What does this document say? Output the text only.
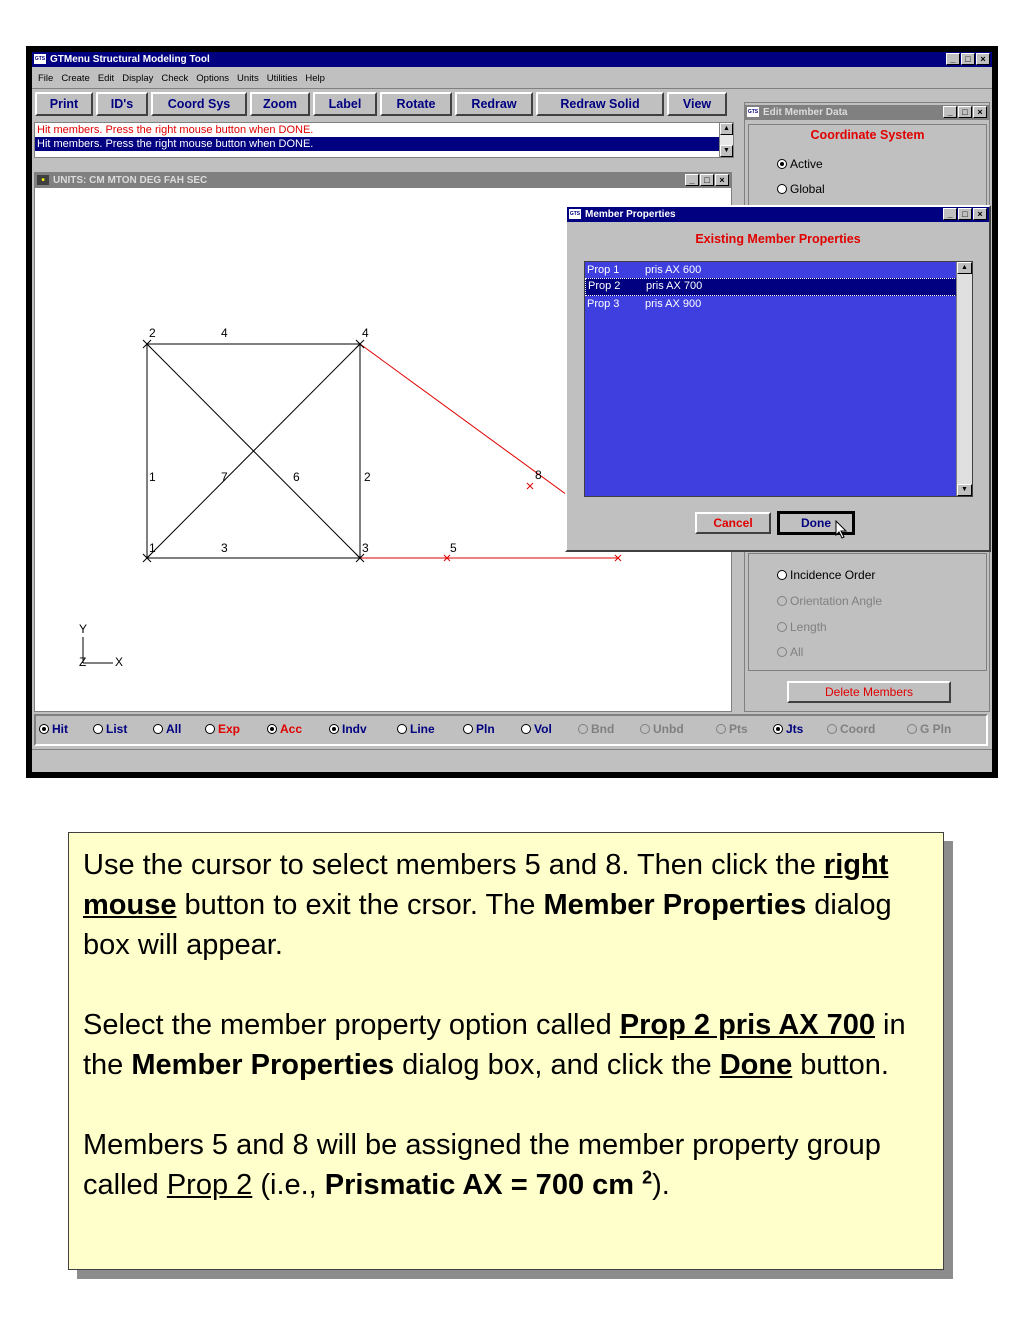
GTS GTMenu Structural Modeling Tool	_	□	×
File Create Edit Display Check Options Units Utilities Help
Print	ID's	Coord Sys	Zoom	Label	Rotate	Redraw	Redraw Solid	View
Hit members. Press the right mouse button when DONE.
Hit members. Press the right mouse button when DONE.
▲
▼
■ UNITS: CM MTON DEG FAH SEC	_	□	×
2	4	4
1	7	6	2
1	3	3	5
8
Y
Z X
GTS Edit Member Data	_	□	×
Coordinate System
Active
Global
Incidence Order
Orientation Angle
Length
All
Delete Members
GTS Member Properties	_	□	×
Existing Member Properties
Prop 1 pris AX 600
Prop 2 pris AX 700
Prop 3 pris AX 900
▲
▼
Cancel	Done
Hit	List	All	Exp	Acc	Indv	Line	Pln	Vol	Bnd	Unbd	Pts	Jts	Coord	G Pln

Use the cursor to select members 5 and 8. Then click the right mouse button to exit the crsor. The Member Properties dialog box will appear.

Select the member property option called Prop 2 pris AX 700 in the Member Properties dialog box, and click the Done button.

Members 5 and 8 will be assigned the member property group called Prop 2 (i.e., Prismatic AX = 700 cm $^2$).
